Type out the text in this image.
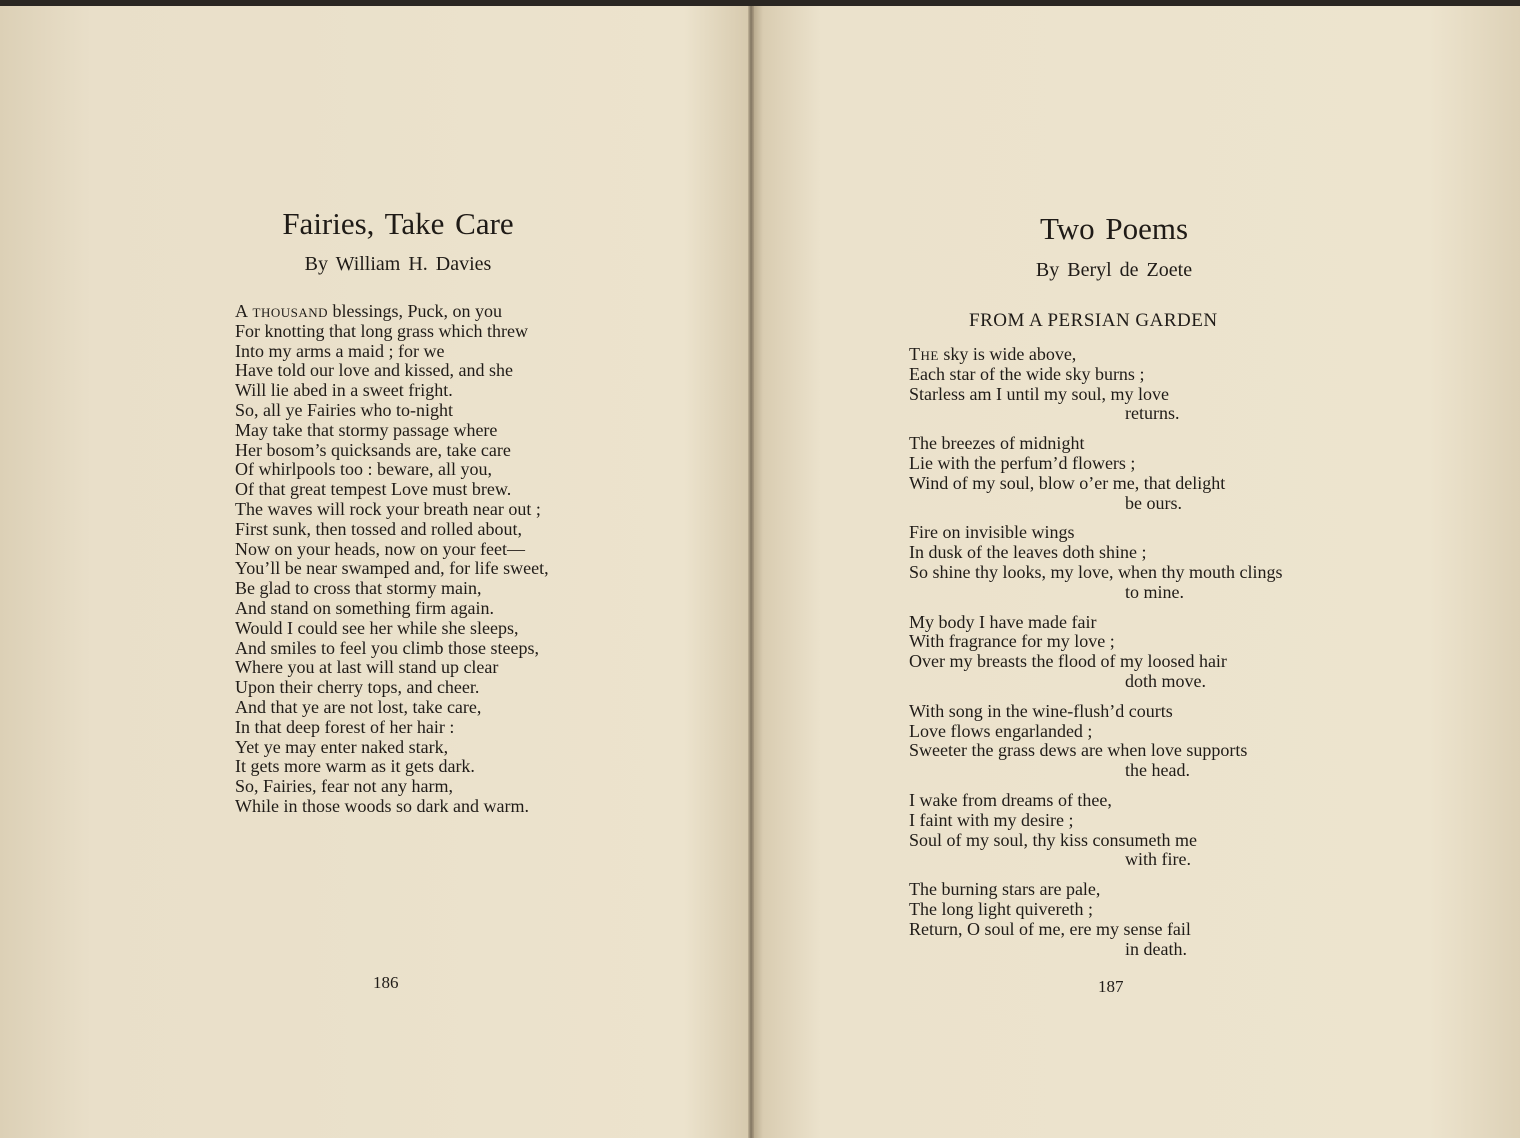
Fairies, Take Care
By William H. Davies
A thousand blessings, Puck, on you
For knotting that long grass which threw
Into my arms a maid ; for we
Have told our love and kissed, and she
Will lie abed in a sweet fright.
So, all ye Fairies who to-night
May take that stormy passage where
Her bosom’s quicksands are, take care
Of whirlpools too : beware, all you,
Of that great tempest Love must brew.
The waves will rock your breath near out ;
First sunk, then tossed and rolled about,
Now on your heads, now on your feet—
You’ll be near swamped and, for life sweet,
Be glad to cross that stormy main,
And stand on something firm again.
Would I could see her while she sleeps,
And smiles to feel you climb those steeps,
Where you at last will stand up clear
Upon their cherry tops, and cheer.
And that ye are not lost, take care,
In that deep forest of her hair :
Yet ye may enter naked stark,
It gets more warm as it gets dark.
So, Fairies, fear not any harm,
While in those woods so dark and warm.
186
Two Poems
By Beryl de Zoete
FROM A PERSIAN GARDEN
The sky is wide above,
Each star of the wide sky burns ;
Starless am I until my soul, my love
returns.
The breezes of midnight
Lie with the perfum’d flowers ;
Wind of my soul, blow o’er me, that delight
be ours.
Fire on invisible wings
In dusk of the leaves doth shine ;
So shine thy looks, my love, when thy mouth clings
to mine.
My body I have made fair
With fragrance for my love ;
Over my breasts the flood of my loosed hair
doth move.
With song in the wine-flush’d courts
Love flows engarlanded ;
Sweeter the grass dews are when love supports
the head.
I wake from dreams of thee,
I faint with my desire ;
Soul of my soul, thy kiss consumeth me
with fire.
The burning stars are pale,
The long light quivereth ;
Return, O soul of me, ere my sense fail
in death.
187
